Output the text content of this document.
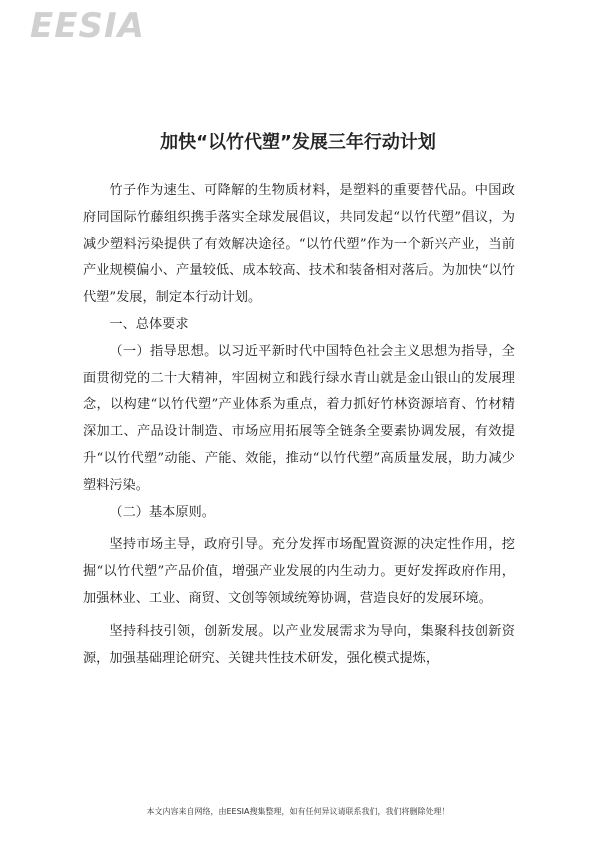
EESIA
加快“以竹代塑”发展三年行动计划

竹子作为速生、可降解的生物质材料，是塑料的重要替代品。中国政府同国际竹藤组织携手落实全球发展倡议，共同发起“以竹代塑”倡议，为减少塑料污染提供了有效解决途径。“以竹代塑”作为一个新兴产业，当前产业规模偏小、产量较低、成本较高、技术和装备相对落后。为加快“以竹代塑”发展，制定本行动计划。

一、总体要求

（一）指导思想。以习近平新时代中国特色社会主义思想为指导，全面贯彻党的二十大精神，牢固树立和践行绿水青山就是金山银山的发展理念，以构建“以竹代塑”产业体系为重点，着力抓好竹林资源培育、竹材精深加工、产品设计制造、市场应用拓展等全链条全要素协调发展，有效提升“以竹代塑”动能、产能、效能，推动“以竹代塑”高质量发展，助力减少塑料污染。

（二）基本原则。

坚持市场主导，政府引导。充分发挥市场配置资源的决定性作用，挖掘“以竹代塑”产品价值，增强产业发展的内生动力。更好发挥政府作用，加强林业、工业、商贸、文创等领域统筹协调，营造良好的发展环境。

坚持科技引领，创新发展。以产业发展需求为导向，集聚科技创新资源，加强基础理论研究、关键共性技术研发，强化模式提炼，

本文内容来自网络，由EESIA搜集整理，如有任何异议请联系我们，我们将删除处理！
